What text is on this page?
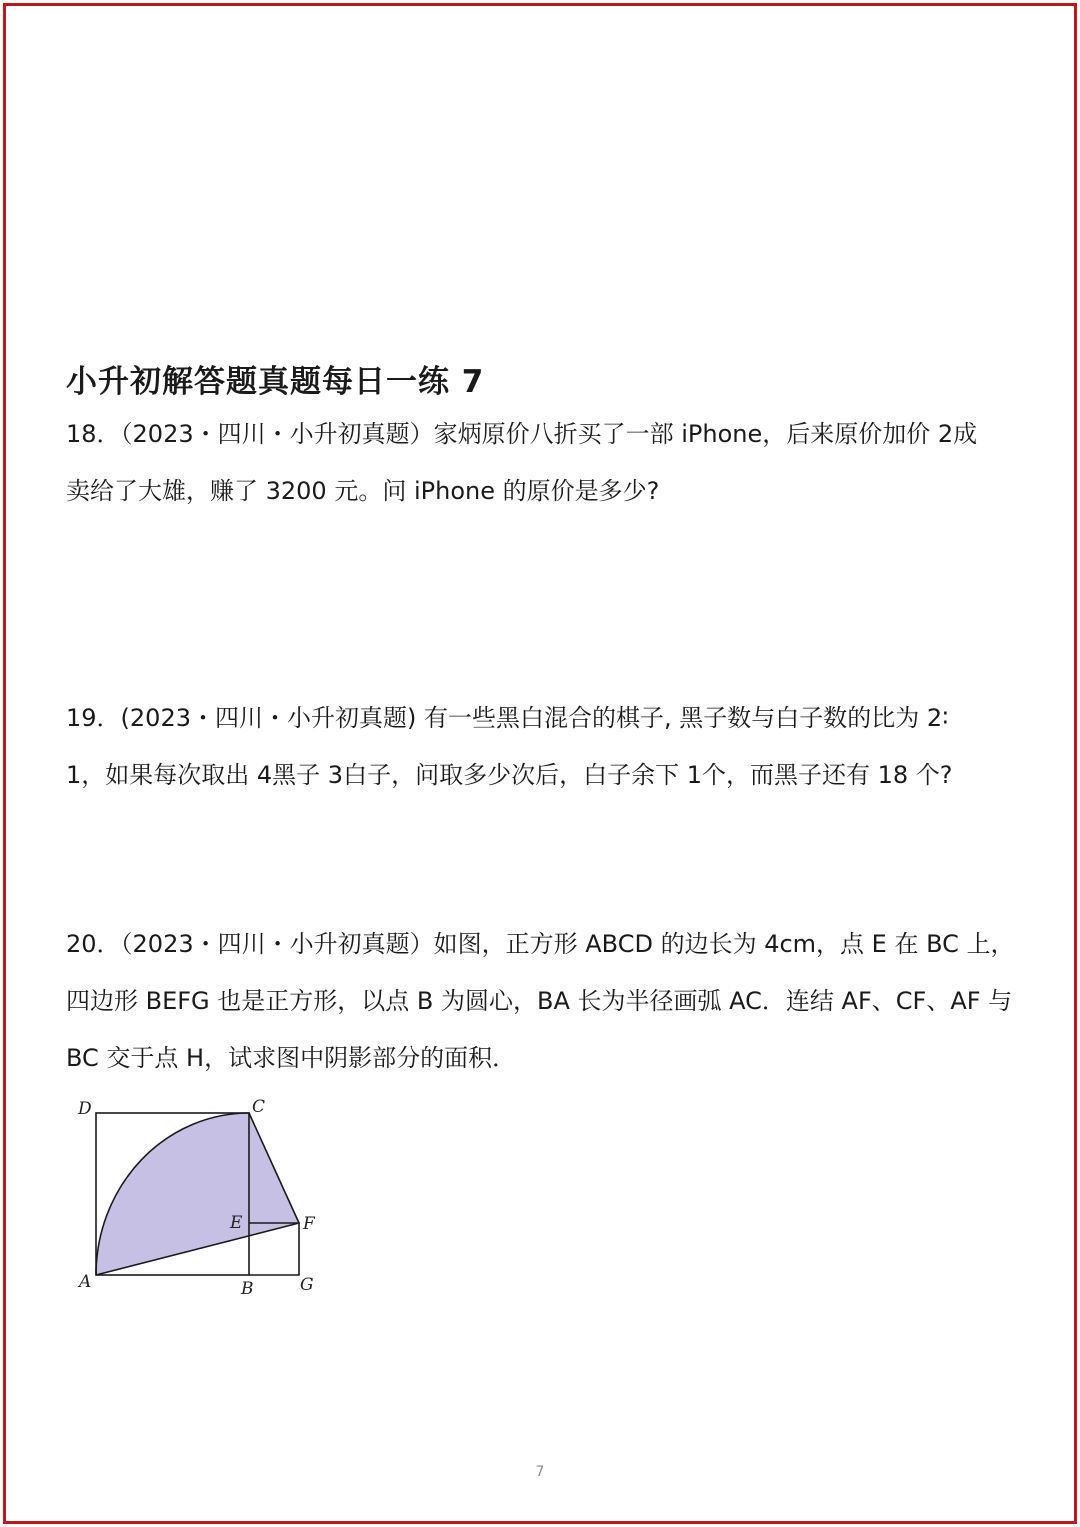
小升初解答题真题每日一练 7
18．（2023・四川・小升初真题）家炳原价八折买了一部 iPhone，后来原价加价 2成
卖给了大雄，赚了 3200 元。问 iPhone 的原价是多少?
19．(2023・四川・小升初真题) 有一些黑白混合的棋子, 黑子数与白子数的比为 2∶
1，如果每次取出 4黑子 3白子，问取多少次后，白子余下 1个，而黑子还有 18 个?
20．（2023・四川・小升初真题）如图，正方形 ABCD 的边长为 4cm，点 E 在 BC 上，
四边形 BEFG 也是正方形，以点 B 为圆心，BA 长为半径画弧 AC．连结 AF、CF、AF 与
BC 交于点 H，试求图中阴影部分的面积．
D	C
E	F
A	B	G
7
